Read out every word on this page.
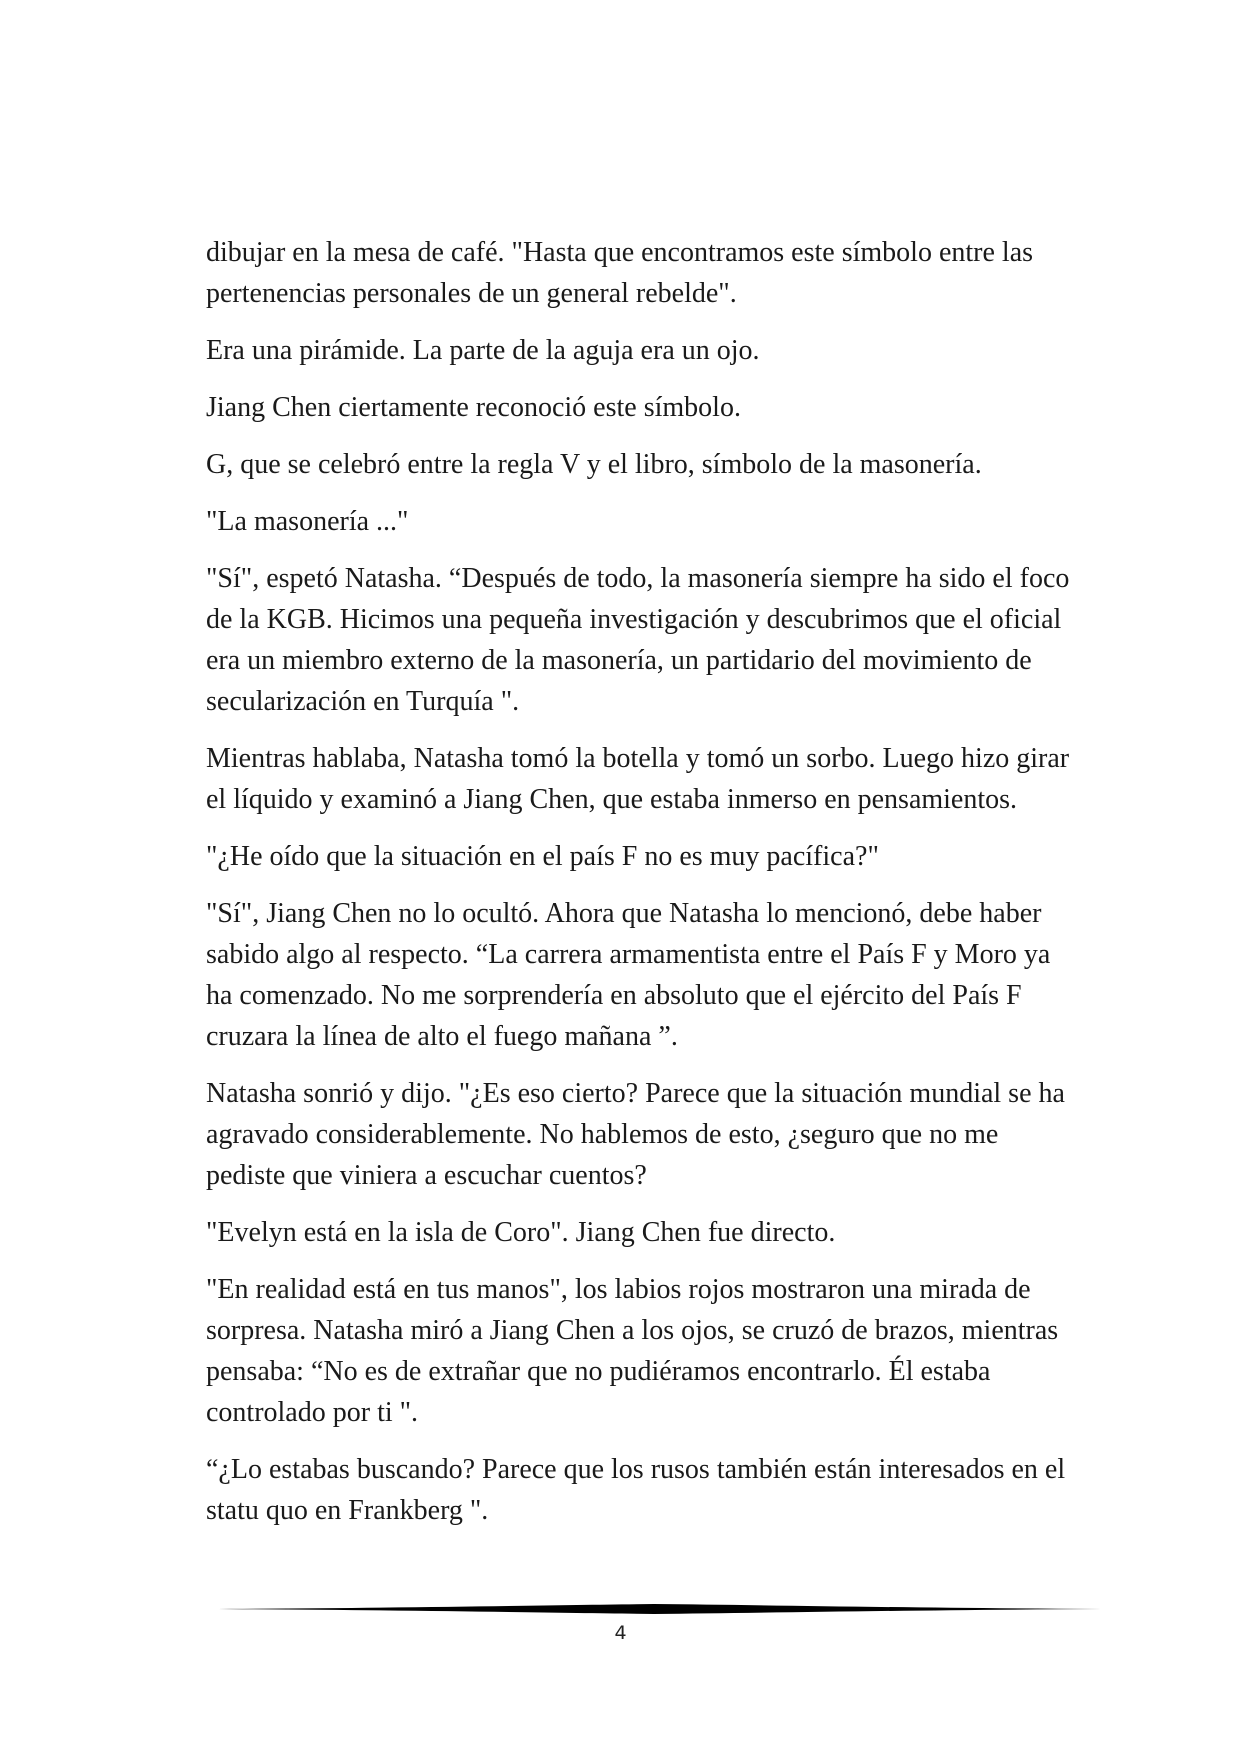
dibujar en la mesa de café. "Hasta que encontramos este símbolo entre las pertenencias personales de un general rebelde".

Era una pirámide. La parte de la aguja era un ojo.

Jiang Chen ciertamente reconoció este símbolo.

G, que se celebró entre la regla V y el libro, símbolo de la masonería.

"La masonería ..."

"Sí", espetó Natasha. “Después de todo, la masonería siempre ha sido el foco de la KGB. Hicimos una pequeña investigación y descubrimos que el oficial era un miembro externo de la masonería, un partidario del movimiento de secularización en Turquía ".

Mientras hablaba, Natasha tomó la botella y tomó un sorbo. Luego hizo girar el líquido y examinó a Jiang Chen, que estaba inmerso en pensamientos.

"¿He oído que la situación en el país F no es muy pacífica?"

"Sí", Jiang Chen no lo ocultó. Ahora que Natasha lo mencionó, debe haber sabido algo al respecto. “La carrera armamentista entre el País F y Moro ya ha comenzado. No me sorprendería en absoluto que el ejército del País F cruzara la línea de alto el fuego mañana ”.

Natasha sonrió y dijo. "¿Es eso cierto? Parece que la situación mundial se ha agravado considerablemente. No hablemos de esto, ¿seguro que no me pediste que viniera a escuchar cuentos?

"Evelyn está en la isla de Coro". Jiang Chen fue directo.

"En realidad está en tus manos", los labios rojos mostraron una mirada de sorpresa. Natasha miró a Jiang Chen a los ojos, se cruzó de brazos, mientras pensaba: “No es de extrañar que no pudiéramos encontrarlo. Él estaba controlado por ti ".

“¿Lo estabas buscando? Parece que los rusos también están interesados en el statu quo en Frankberg ".

4
